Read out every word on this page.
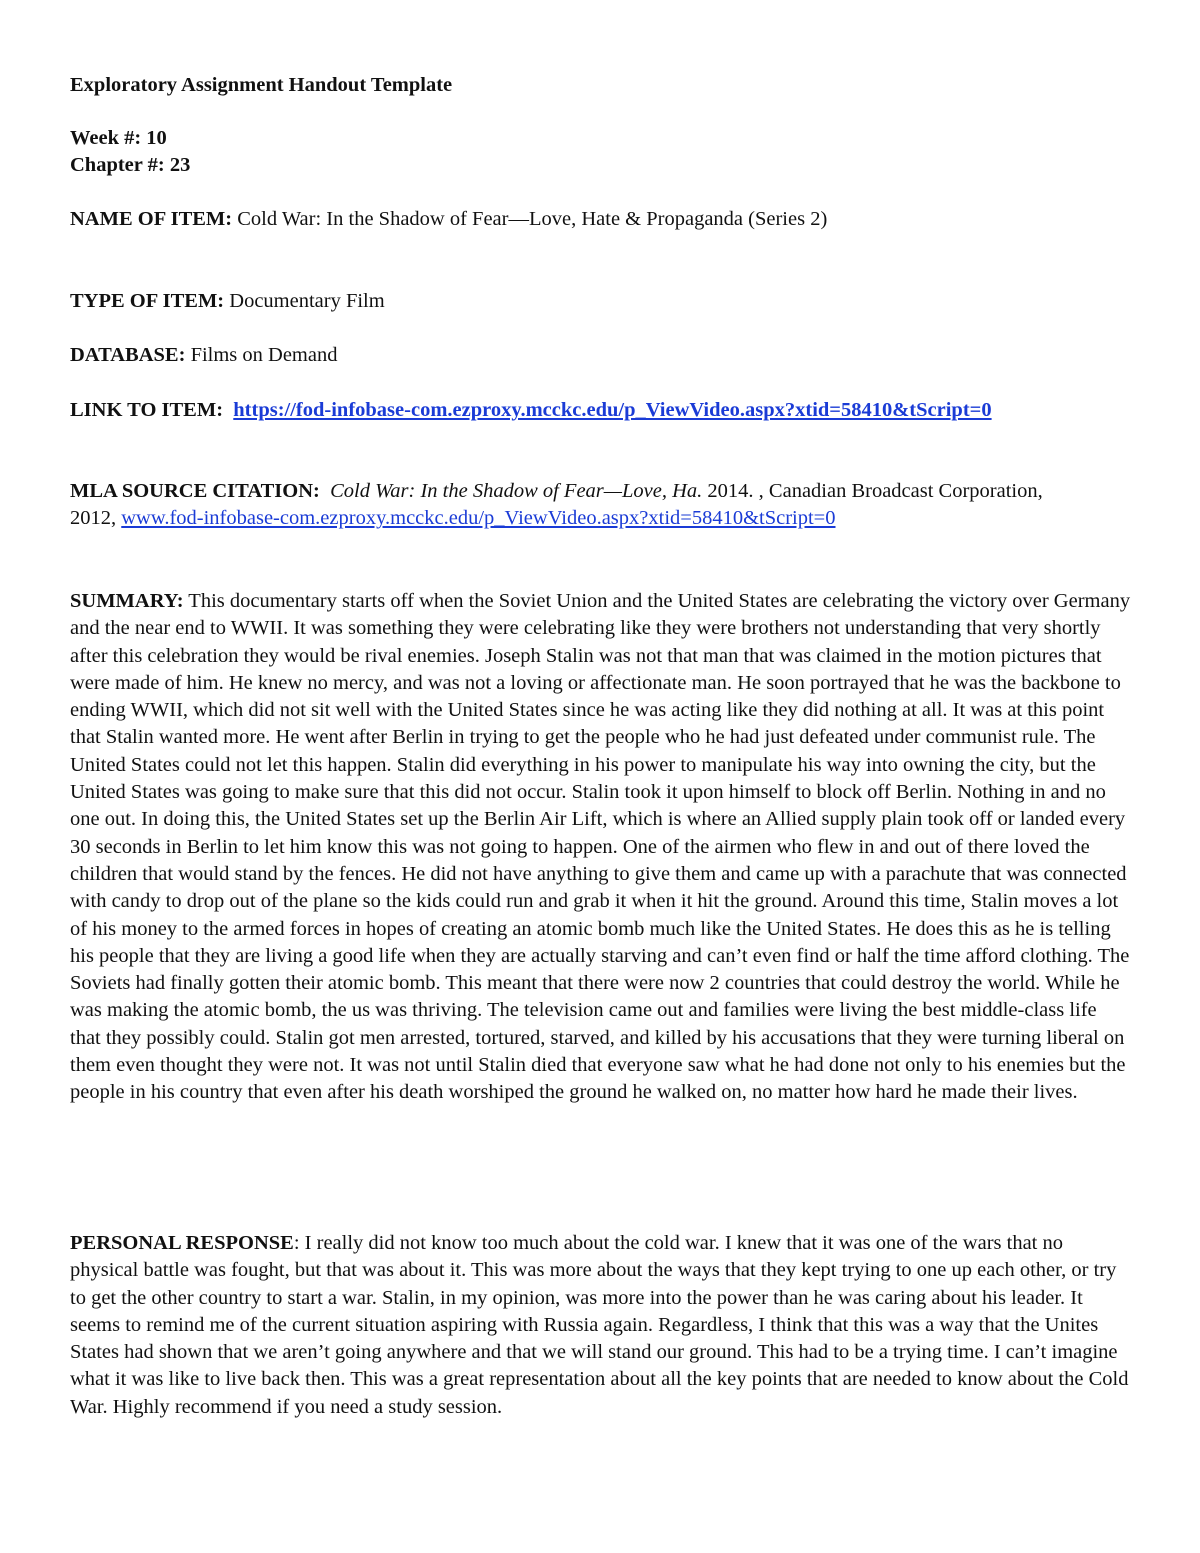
Exploratory Assignment Handout Template

Week #: 10

Chapter #: 23

NAME OF ITEM: Cold War: In the Shadow of Fear—Love, Hate & Propaganda (Series 2)

TYPE OF ITEM: Documentary Film

DATABASE: Films on Demand

LINK TO ITEM: https://fod-infobase-com.ezproxy.mcckc.edu/p_ViewVideo.aspx?xtid=58410&tScript=0

MLA SOURCE CITATION: Cold War: In the Shadow of Fear—Love, Ha. 2014. , Canadian Broadcast Corporation, 2012, www.fod-infobase-com.ezproxy.mcckc.edu/p_ViewVideo.aspx?xtid=58410&tScript=0

SUMMARY: This documentary starts off when the Soviet Union and the United States are celebrating the victory over Germany and the near end to WWII. It was something they were celebrating like they were brothers not understanding that very shortly after this celebration they would be rival enemies. Joseph Stalin was not that man that was claimed in the motion pictures that were made of him. He knew no mercy, and was not a loving or affectionate man. He soon portrayed that he was the backbone to ending WWII, which did not sit well with the United States since he was acting like they did nothing at all. It was at this point that Stalin wanted more. He went after Berlin in trying to get the people who he had just defeated under communist rule. The United States could not let this happen. Stalin did everything in his power to manipulate his way into owning the city, but the United States was going to make sure that this did not occur. Stalin took it upon himself to block off Berlin. Nothing in and no one out. In doing this, the United States set up the Berlin Air Lift, which is where an Allied supply plain took off or landed every 30 seconds in Berlin to let him know this was not going to happen. One of the airmen who flew in and out of there loved the children that would stand by the fences. He did not have anything to give them and came up with a parachute that was connected with candy to drop out of the plane so the kids could run and grab it when it hit the ground. Around this time, Stalin moves a lot of his money to the armed forces in hopes of creating an atomic bomb much like the United States. He does this as he is telling his people that they are living a good life when they are actually starving and can’t even find or half the time afford clothing. The Soviets had finally gotten their atomic bomb. This meant that there were now 2 countries that could destroy the world. While he was making the atomic bomb, the us was thriving. The television came out and families were living the best middle-class life that they possibly could. Stalin got men arrested, tortured, starved, and killed by his accusations that they were turning liberal on them even thought they were not. It was not until Stalin died that everyone saw what he had done not only to his enemies but the people in his country that even after his death worshiped the ground he walked on, no matter how hard he made their lives.

PERSONAL RESPONSE: I really did not know too much about the cold war. I knew that it was one of the wars that no physical battle was fought, but that was about it. This was more about the ways that they kept trying to one up each other, or try to get the other country to start a war. Stalin, in my opinion, was more into the power than he was caring about his leader. It seems to remind me of the current situation aspiring with Russia again. Regardless, I think that this was a way that the Unites States had shown that we aren’t going anywhere and that we will stand our ground. This had to be a trying time. I can’t imagine what it was like to live back then. This was a great representation about all the key points that are needed to know about the Cold War. Highly recommend if you need a study session.
